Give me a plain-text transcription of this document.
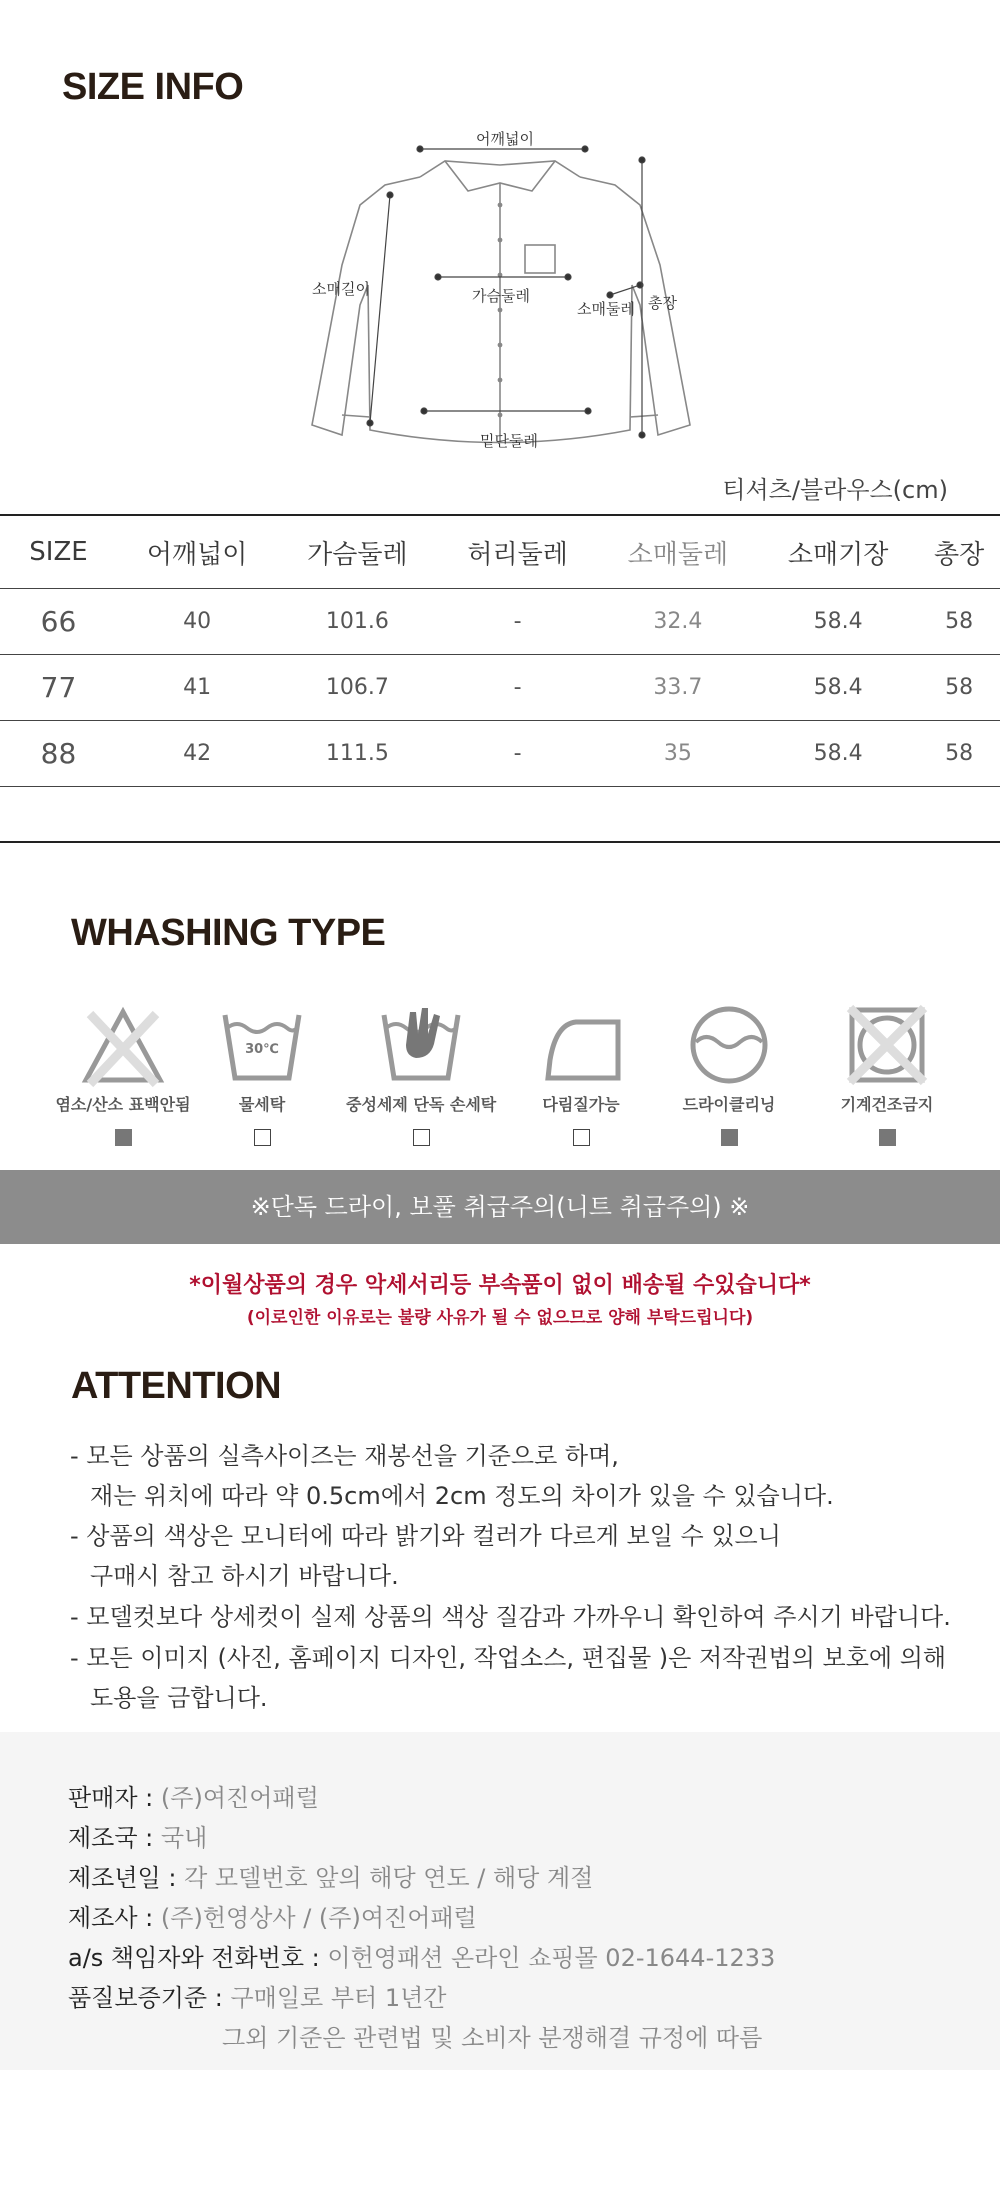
SIZE INFO
어깨넓이
소매길이	가슴둘레
소매둘레 총장
밑단둘레
티셔츠/블라우스(cm)
SIZE	어깨넓이	가슴둘레	허리둘레	소매둘레	소매기장	총장
66	40	101.6	-	32.4	58.4	58
77	41	106.7	-	33.7	58.4	58
88	42	111.5	-	35	58.4	58
WHASHING TYPE
염소/산소 표백안됨
30℃
물세탁	중성세제 단독 손세탁	다림질가능	드라이클리닝	기계건조금지
※단독 드라이, 보풀 취급주의(니트 취급주의) ※
*이월상품의 경우 악세서리등 부속품이 없이 배송될 수있습니다*
(이로인한 이유로는 불량 사유가 될 수 없으므로 양해 부탁드립니다)
ATTENTION
- 모든 상품의 실측사이즈는 재봉선을 기준으로 하며,
재는 위치에 따라 약 0.5cm에서 2cm 정도의 차이가 있을 수 있습니다.
- 상품의 색상은 모니터에 따라 밝기와 컬러가 다르게 보일 수 있으니
구매시 참고 하시기 바랍니다.
- 모델컷보다 상세컷이 실제 상품의 색상 질감과 가까우니 확인하여 주시기 바랍니다.
- 모든 이미지 (사진, 홈페이지 디자인, 작업소스, 편집물 )은 저작권법의 보호에 의해
도용을 금합니다.
판매자 : (주)여진어패럴
제조국 : 국내
제조년일 : 각 모델번호 앞의 해당 연도 / 해당 계절
제조사 : (주)헌영상사 / (주)여진어패럴
a/s 책임자와 전화번호 : 이헌영패션 온라인 쇼핑몰 02-1644-1233
품질보증기준 : 구매일로 부터 1년간
그외 기준은 관련법 및 소비자 분쟁해결 규정에 따름
